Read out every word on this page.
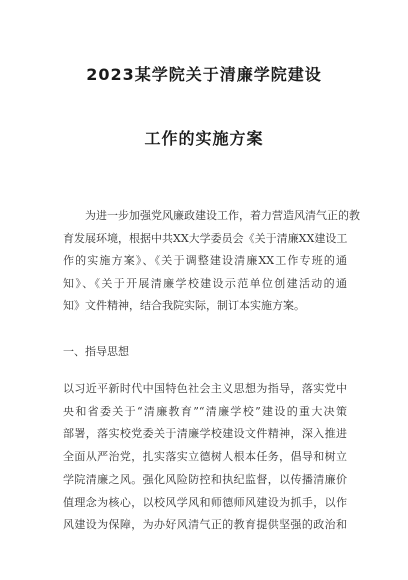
2023某学院关于清廉学院建设
工作的实施方案
为进一步加强党风廉政建设工作，着力营造风清气正的教
育发展环境，根据中共XX大学委员会《关于清廉XX建设工
作的实施方案》、《关于调整建设清廉XX工作专班的通
知》、《关于开展清廉学校建设示范单位创建活动的通
知》文件精神，结合我院实际，制订本实施方案。
一、指导思想
以习近平新时代中国特色社会主义思想为指导，落实党中
央和省委关于“清廉教育”“清廉学校”建设的重大决策
部署，落实校党委关于清廉学校建设文件精神，深入推进
全面从严治党，扎实落实立德树人根本任务，倡导和树立
学院清廉之风。强化风险防控和执纪监督，以传播清廉价
值理念为核心，以校风学风和师德师风建设为抓手，以作
风建设为保障，为办好风清气正的教育提供坚强的政治和
